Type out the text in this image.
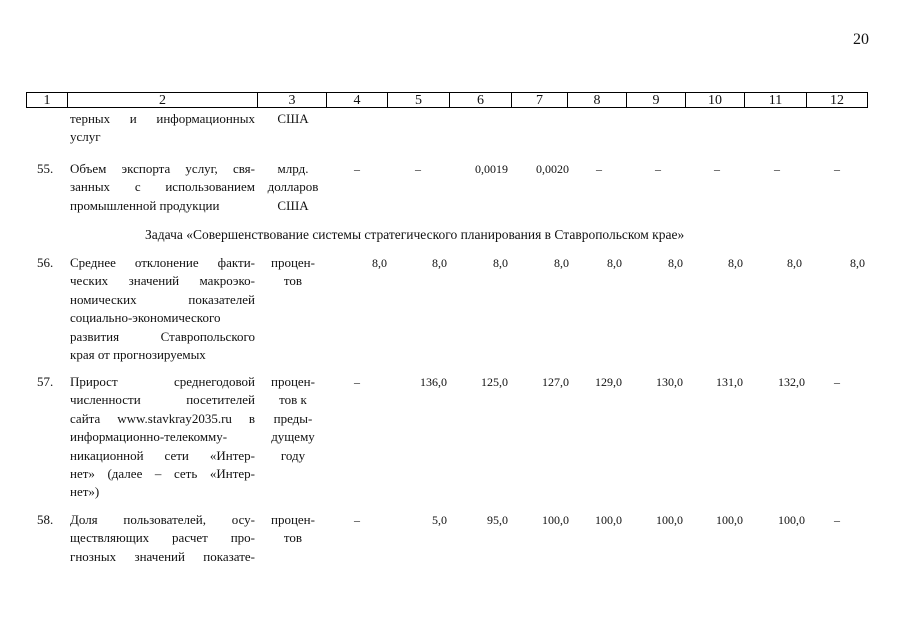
20
1	2	3	4	5	6	7	8	9	10	11	12
терных и информационных
услуг
США
55. Объем экспорта услуг, свя-
занных с использованием
промышленной продукции
млрд.
долларов
США
–	–	0,0019 0,0020 –	–	–	–	–
Задача «Совершенствование системы стратегического планирования в Ставропольском крае»
56. Среднее отклонение факти-
ческих значений макроэко-
номических показателей
социально-экономического
развития Ставропольского
края от прогнозируемых
процен-
тов
8,0	8,0	8,0	8,0	8,0	8,0	8,0	8,0	8,0
57. Прирост среднегодовой
численности посетителей
сайта www.stavkray2035.ru в
информационно-телекомму-
никационной сети «Интер-
нет» (далее – сеть «Интер-
нет»)
процен-
тов к
преды-
дущему
году
–	136,0	125,0	127,0 129,0	130,0	131,0	132,0 –
58. Доля пользователей, осу-
ществляющих расчет про-
гнозных значений показате-
процен-
тов
–	5,0	95,0	100,0 100,0	100,0	100,0	100,0 –
